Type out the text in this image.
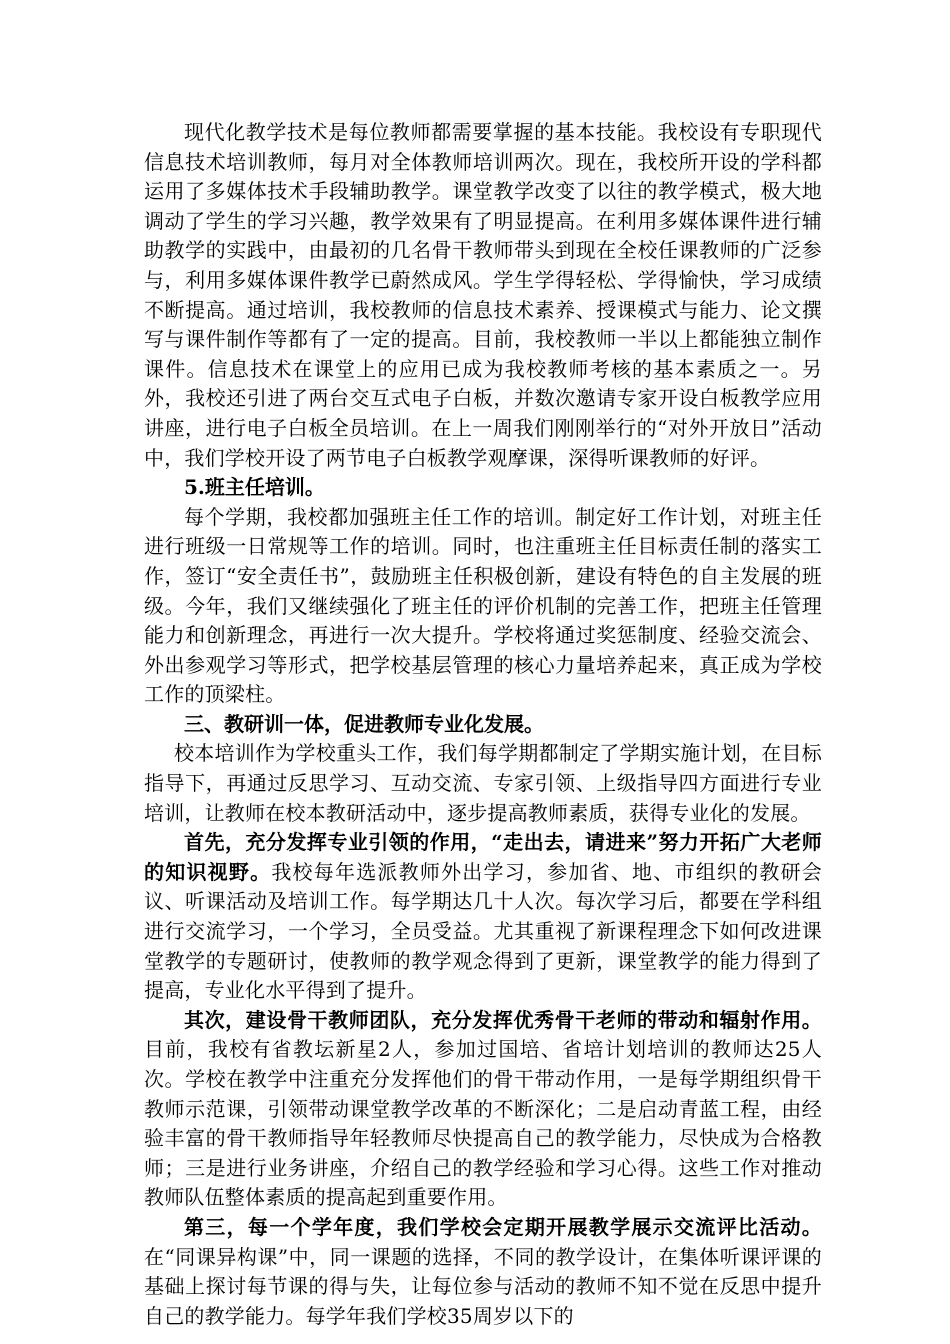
现代化教学技术是每位教师都需要掌握的基本技能。我校设有专职现代信息技术培训教师，每月对全体教师培训两次。现在，我校所开设的学科都运用了多媒体技术手段辅助教学。课堂教学改变了以往的教学模式，极大地调动了学生的学习兴趣，教学效果有了明显提高。在利用多媒体课件进行辅助教学的实践中，由最初的几名骨干教师带头到现在全校任课教师的广泛参与，利用多媒体课件教学已蔚然成风。学生学得轻松、学得愉快，学习成绩不断提高。通过培训，我校教师的信息技术素养、授课模式与能力、论文撰写与课件制作等都有了一定的提高。目前，我校教师一半以上都能独立制作课件。信息技术在课堂上的应用已成为我校教师考核的基本素质之一。另外，我校还引进了两台交互式电子白板，并数次邀请专家开设白板教学应用讲座，进行电子白板全员培训。在上一周我们刚刚举行的“对外开放日”活动中，我们学校开设了两节电子白板教学观摩课，深得听课教师的好评。

5.班主任培训。

每个学期，我校都加强班主任工作的培训。制定好工作计划，对班主任进行班级一日常规等工作的培训。同时，也注重班主任目标责任制的落实工作，签订“安全责任书”，鼓励班主任积极创新，建设有特色的自主发展的班级。今年，我们又继续强化了班主任的评价机制的完善工作，把班主任管理能力和创新理念，再进行一次大提升。学校将通过奖惩制度、经验交流会、外出参观学习等形式，把学校基层管理的核心力量培养起来，真正成为学校工作的顶梁柱。

三、教研训一体，促进教师专业化发展。

校本培训作为学校重头工作，我们每学期都制定了学期实施计划，在目标指导下，再通过反思学习、互动交流、专家引领、上级指导四方面进行专业培训，让教师在校本教研活动中，逐步提高教师素质，获得专业化的发展。

首先，充分发挥专业引领的作用，“走出去，请进来”努力开拓广大老师的知识视野。我校每年选派教师外出学习，参加省、地、市组织的教研会议、听课活动及培训工作。每学期达几十人次。每次学习后，都要在学科组进行交流学习，一个学习，全员受益。尤其重视了新课程理念下如何改进课堂教学的专题研讨，使教师的教学观念得到了更新，课堂教学的能力得到了提高，专业化水平得到了提升。

其次，建设骨干教师团队，充分发挥优秀骨干老师的带动和辐射作用。目前，我校有省教坛新星2人，参加过国培、省培计划培训的教师达25人次。学校在教学中注重充分发挥他们的骨干带动作用，一是每学期组织骨干教师示范课，引领带动课堂教学改革的不断深化；二是启动青蓝工程，由经验丰富的骨干教师指导年轻教师尽快提高自己的教学能力，尽快成为合格教师；三是进行业务讲座，介绍自己的教学经验和学习心得。这些工作对推动教师队伍整体素质的提高起到重要作用。

第三，每一个学年度，我们学校会定期开展教学展示交流评比活动。在“同课异构课”中，同一课题的选择，不同的教学设计，在集体听课评课的基础上探讨每节课的得与失，让每位参与活动的教师不知不觉在反思中提升自己的教学能力。每学年我们学校35周岁以下的
